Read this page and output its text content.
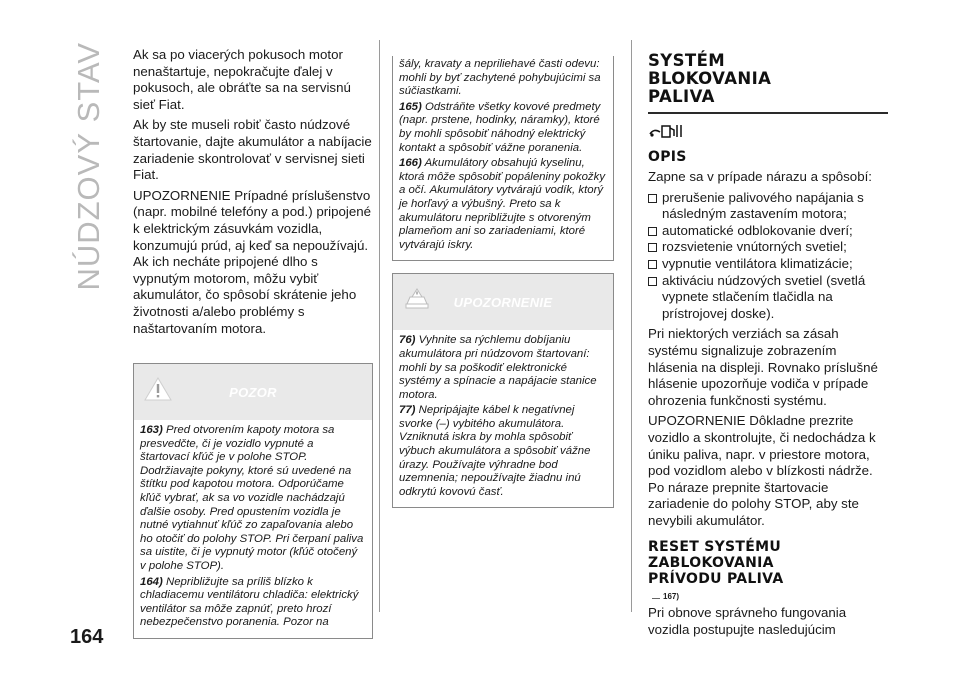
NÚDZOVÝ STAV Ak sa po viacerých pokusoch motor nenaštartuje, nepokračujte ďalej v pokusoch, ale obráťte sa na servisnú sieť Fiat.

Ak by ste museli robiť často núdzové štartovanie, dajte akumulátor a nabíjacie zariadenie skontrolovať v servisnej sieti Fiat.

UPOZORNENIE Prípadné príslušenstvo (napr. mobilné telefóny a pod.) pripojené k elektrickým zásuvkám vozidla, konzumujú prúd, aj keď sa nepoužívajú. Ak ich necháte pripojené dlho s vypnutým motorom, môžu vybiť akumulátor, čo spôsobí skrátenie jeho životnosti a/alebo problémy s naštartovaním motora.

POZOR

163) Pred otvorením kapoty motora sa presvedčte, či je vozidlo vypnuté a štartovací kľúč je v polohe STOP. Dodržiavajte pokyny, ktoré sú uvedené na štítku pod kapotou motora. Odporúčame kľúč vybrať, ak sa vo vozidle nachádzajú ďalšie osoby. Pred opustením vozidla je nutné vytiahnuť kľúč zo zapaľovania alebo ho otočiť do polohy STOP. Pri čerpaní paliva sa uistite, či je vypnutý motor (kľúč otočený v polohe STOP).

164) Nepribližujte sa príliš blízko k chladiacemu ventilátoru chladiča: elektrický ventilátor sa môže zapnúť, preto hrozí nebezpečenstvo poranenia. Pozor na

šály, kravaty a nepriliehavé časti odevu: mohli by byť zachytené pohybujúcimi sa súčiastkami.

165) Odstráňte všetky kovové predmety (napr. prstene, hodinky, náramky), ktoré by mohli spôsobiť náhodný elektrický kontakt a spôsobiť vážne poranenia.

166) Akumulátory obsahujú kyselinu, ktorá môže spôsobiť popáleniny pokožky a očí. Akumulátory vytvárajú vodík, ktorý je horľavý a výbušný. Preto sa k akumulátoru nepribližujte s otvoreným plameňom ani so zariadeniami, ktoré vytvárajú iskry.

UPOZORNENIE

76) Vyhnite sa rýchlemu dobíjaniu akumulátora pri núdzovom štartovaní: mohli by sa poškodiť elektronické systémy a spínacie a napájacie stanice motora.

77) Nepripájajte kábel k negatívnej svorke (–) vybitého akumulátora. Vzniknutá iskra by mohla spôsobiť výbuch akumulátora a spôsobiť vážne úrazy. Používajte výhradne bod uzemnenia; nepoužívajte žiadnu inú odkrytú kovovú časť.

SYSTÉM
BLOKOVANIA
PALIVA
OPIS

Zapne sa v prípade nárazu a spôsobí:

prerušenie palivového napájania s následným zastavením motora;
automatické odblokovanie dverí;
rozsvietenie vnútorných svetiel;
vypnutie ventilátora klimatizácie;
aktiváciu núdzových svetiel (svetlá vypnete stlačením tlačidla na prístrojovej doske).

Pri niektorých verziách sa zásah systému signalizuje zobrazením hlásenia na displeji. Rovnako príslušné hlásenie upozorňuje vodiča v prípade ohrozenia funkčnosti systému.

UPOZORNENIE Dôkladne prezrite vozidlo a skontrolujte, či nedochádza k úniku paliva, napr. v priestore motora, pod vozidlom alebo v blízkosti nádrže. Po náraze prepnite štartovacie zariadenie do polohy STOP, aby ste nevybili akumulátor.

RESET SYSTÉMU
ZABLOKOVANIA
PRÍVODU PALIVA
167)

Pri obnove správneho fungovania vozidla postupujte nasledujúcim

164
